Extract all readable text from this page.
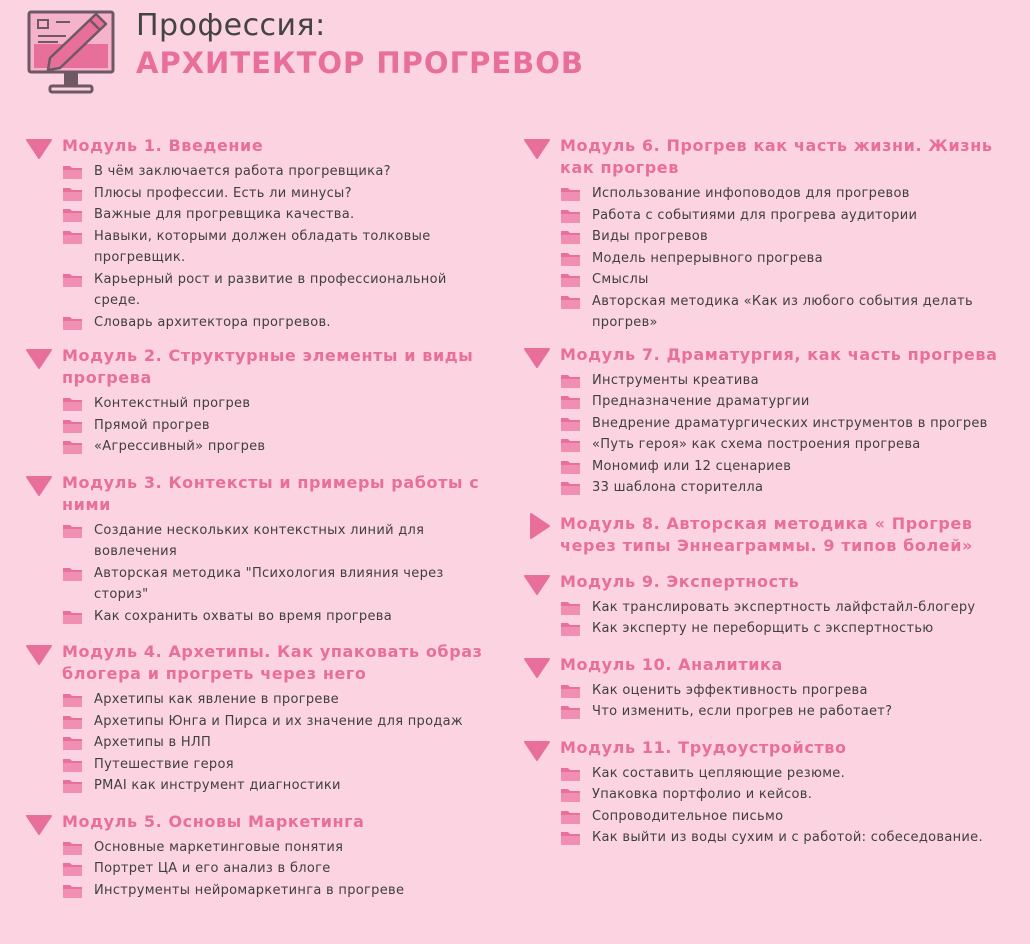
Профессия:
АРХИТЕКТОР ПРОГРЕВОВ
Модуль 1. Введение
В чём заключается работа прогревщика?
Плюсы профессии. Есть ли минусы?
Важные для прогревщика качества.
Навыки, которыми должен обладать толковые прогревщик.
Карьерный рост и развитие в профессиональной среде.
Словарь архитектора прогревов.
Модуль 2. Структурные элементы и виды прогрева
Контекстный прогрев
Прямой прогрев
«Агрессивный» прогрев
Модуль 3. Контексты и примеры работы с ними
Создание нескольких контекстных линий для вовлечения
Авторская методика "Психология влияния через сториз"
Как сохранить охваты во время прогрева
Модуль 4. Архетипы. Как упаковать образ блогера и прогреть через него
Архетипы как явление в прогреве
Архетипы Юнга и Пирса и их значение для продаж
Архетипы в НЛП
Путешествие героя
PMAI как инструмент диагностики
Модуль 5. Основы Маркетинга
Основные маркетинговые понятия
Портрет ЦА и его анализ в блоге
Инструменты нейромаркетинга в прогреве
Модуль 6. Прогрев как часть жизни. Жизнь как прогрев
Использование инфоповодов для прогревов
Работа с событиями для прогрева аудитории
Виды прогревов
Модель непрерывного прогрева
Смыслы
Авторская методика «Как из любого события делать прогрев»
Модуль 7. Драматургия, как часть прогрева
Инструменты креатива
Предназначение драматургии
Внедрение драматургических инструментов в прогрев
«Путь героя» как схема построения прогрева
Мономиф или 12 сценариев
33 шаблона сторителла
Модуль 8. Авторская методика « Прогрев через типы Эннеаграммы. 9 типов болей»
Модуль 9. Экспертность
Как транслировать экспертность лайфстайл-блогеру
Как эксперту не переборщить с экспертностью
Модуль 10. Аналитика
Как оценить эффективность прогрева
Что изменить, если прогрев не работает?
Модуль 11. Трудоустройство
Как составить цепляющие резюме.
Упаковка портфолио и кейсов.
Сопроводительное письмо
Как выйти из воды сухим и с работой: собеседование.
